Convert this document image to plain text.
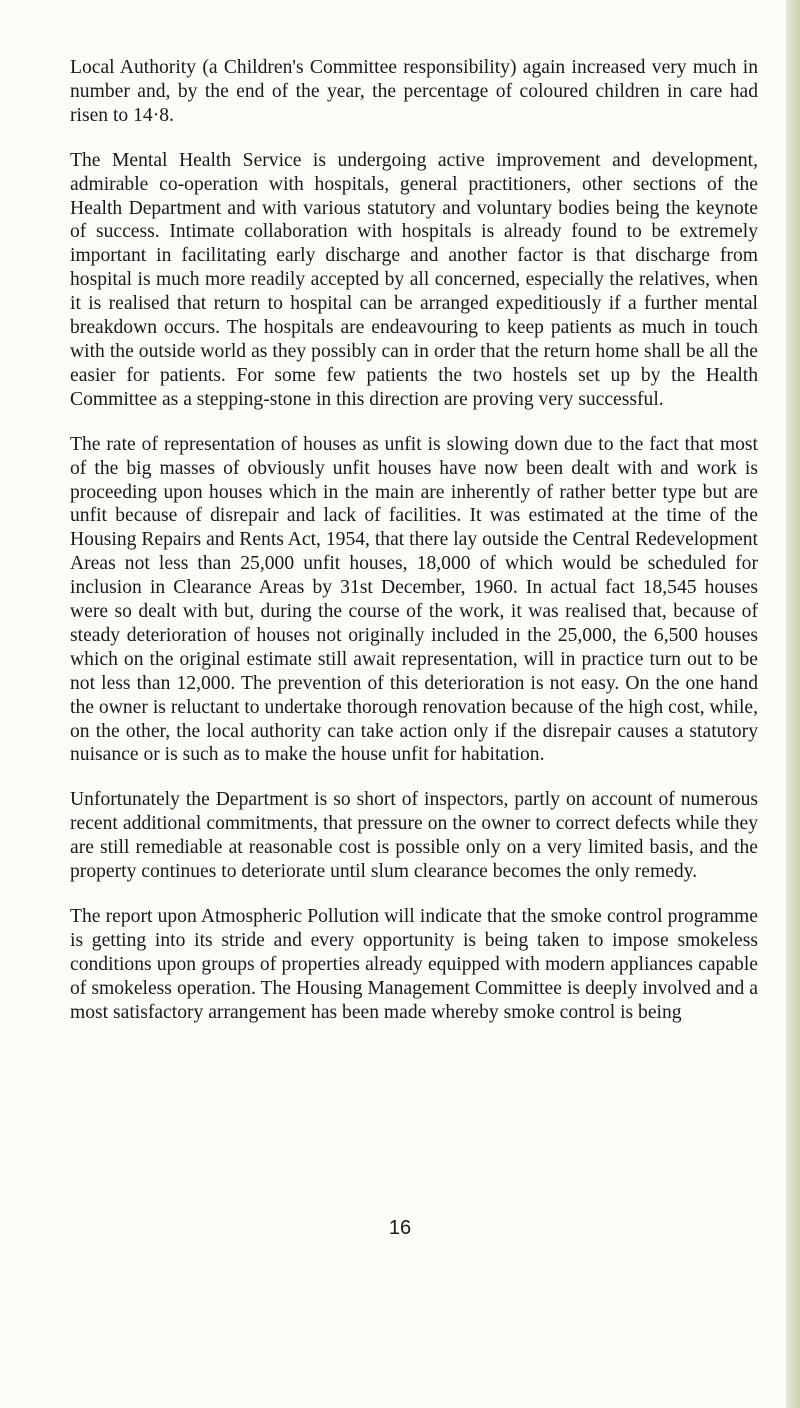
Local Authority (a Children's Committee responsibility) again increased very much in number and, by the end of the year, the percentage of coloured children in care had risen to 14·8.

The Mental Health Service is undergoing active improvement and development, admirable co-operation with hospitals, general practitioners, other sections of the Health Department and with various statutory and voluntary bodies being the keynote of success. Intimate collaboration with hospitals is already found to be extremely important in facilitating early discharge and another factor is that discharge from hospital is much more readily accepted by all concerned, especially the relatives, when it is realised that return to hospital can be arranged expeditiously if a further mental breakdown occurs. The hospitals are endeavouring to keep patients as much in touch with the outside world as they possibly can in order that the return home shall be all the easier for patients. For some few patients the two hostels set up by the Health Committee as a stepping-stone in this direction are proving very successful.

The rate of representation of houses as unfit is slowing down due to the fact that most of the big masses of obviously unfit houses have now been dealt with and work is proceeding upon houses which in the main are inherently of rather better type but are unfit because of disrepair and lack of facilities. It was estimated at the time of the Housing Repairs and Rents Act, 1954, that there lay outside the Central Redevelopment Areas not less than 25,000 unfit houses, 18,000 of which would be scheduled for inclusion in Clearance Areas by 31st December, 1960. In actual fact 18,545 houses were so dealt with but, during the course of the work, it was realised that, because of steady deterioration of houses not originally included in the 25,000, the 6,500 houses which on the original estimate still await representation, will in practice turn out to be not less than 12,000. The prevention of this deterioration is not easy. On the one hand the owner is reluctant to undertake thorough renovation because of the high cost, while, on the other, the local authority can take action only if the disrepair causes a statutory nuisance or is such as to make the house unfit for habitation.

Unfortunately the Department is so short of inspectors, partly on account of numerous recent additional commitments, that pressure on the owner to correct defects while they are still remediable at reasonable cost is possible only on a very limited basis, and the property continues to deteriorate until slum clearance becomes the only remedy.

The report upon Atmospheric Pollution will indicate that the smoke control programme is getting into its stride and every opportunity is being taken to impose smokeless conditions upon groups of properties already equipped with modern appliances capable of smokeless operation. The Housing Management Committee is deeply involved and a most satisfactory arrangement has been made whereby smoke control is being

16
